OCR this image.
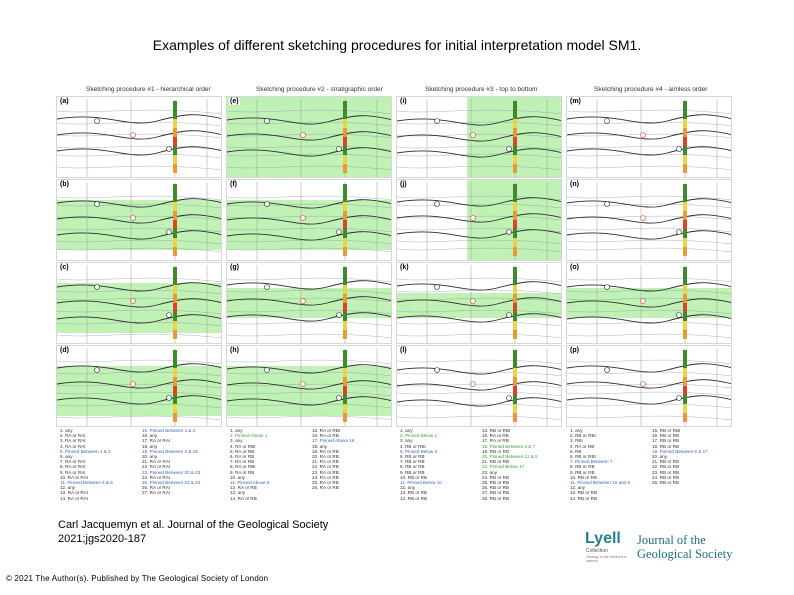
Examples of different sketching procedures for initial interpretation model SM1.
Sketching procedure #1 - hierarchical order	Sketching procedure #2 - stratigraphic order	Sketching procedure #3 - top to bottom	Sketching procedure #4 - aimless order
(a)
(b)
(c)
(d)
(e)
(f)
(g)
(h)
(i)
(j)
(k)
(l)
(m)
(n)
(o)
(p)
1. any
2. RA or RAI
3. RA or RAI
4. RA or RAI
5. Pinned Between 1 & 2
6. any
7. RA or RAI
8. RA or RAI
9. RA or RAI
10. RA or RAI
11. Pinned Between 3 & 5
12. any
13. RA or RAI
14. RA or RAI
15. Pinned Between 4 & 2
16. any
17. RA or RAI
18. any
19. Pinned Between 3 & 18
20. any
21. RA or RAI
22. RA or RAI
23. Pinned Between 20 & 23
24. RA or RAI
25. Pinned Between 23 & 23
26. RA or RAI
27. RA or RAI
1. any
2. Pinned Above 1
3. any
4. RA or RBI
5. RA or RB
6. RA or RB
7. RA or RB
8. RA or RBI
9. RA or RB
10. any
11. Pinned Above 8
12. RA or RB
13. any
14. RA or RB
15. RA or RBI
16. RA or RB
17. Pinned Above 16
18. any
19. RA or RB
20. RA or RB
21. RA or RB
22. RA or RB
23. RA or RB
24. RA or RB
25. RA or RB
26. RA or RB
1. any
2. Pinned Below 1
3. any
4. RB or RBI
5. Pinned Below 3
6. RB or RB
7. RB or RB
8. RB or RB
9. RB or RB
10. RB or RB
11. Pinned Below 10
12. any
13. RB or RB
14. RB or RB
13. RB or RBI
16. RA or RB
17. RA or RB
18. Pinned Between 3 & 7
19. RB or RB
20. Pinned Between 13 & 5
21. RB or RB
22. Pinned Below 17
23. any
24. RB or RB
25. RB or RB
26. RB or RB
27. RB or RB
28. RB or RB
1. any
2. RB or RBI
3. RBI
4. RA or RB
5. RB
6. RB or RBI
7. Pinned Between 7
8. RB or RB
9. RB or RB
10. RB or RB
11. Pinned Between 10 and 8
12. any
13. RB or RB
14. RB or RB
15. RB or RBI
16. RB or RB
17. RB or RB
18. RB or RB
19. Pinned Between 6 & 17
20. any
21. RB or RB
22. RB or RB
23. RB or RB
24. RB or RB
25. RB or RB
Carl Jacquemyn et al. Journal of the Geological Society
2021;jgs2020-187
© 2021 The Author(s). Published by The Geological Society of London
Lyell
Collection
Geology in the forefront of science
Journal of the
Geological Society
